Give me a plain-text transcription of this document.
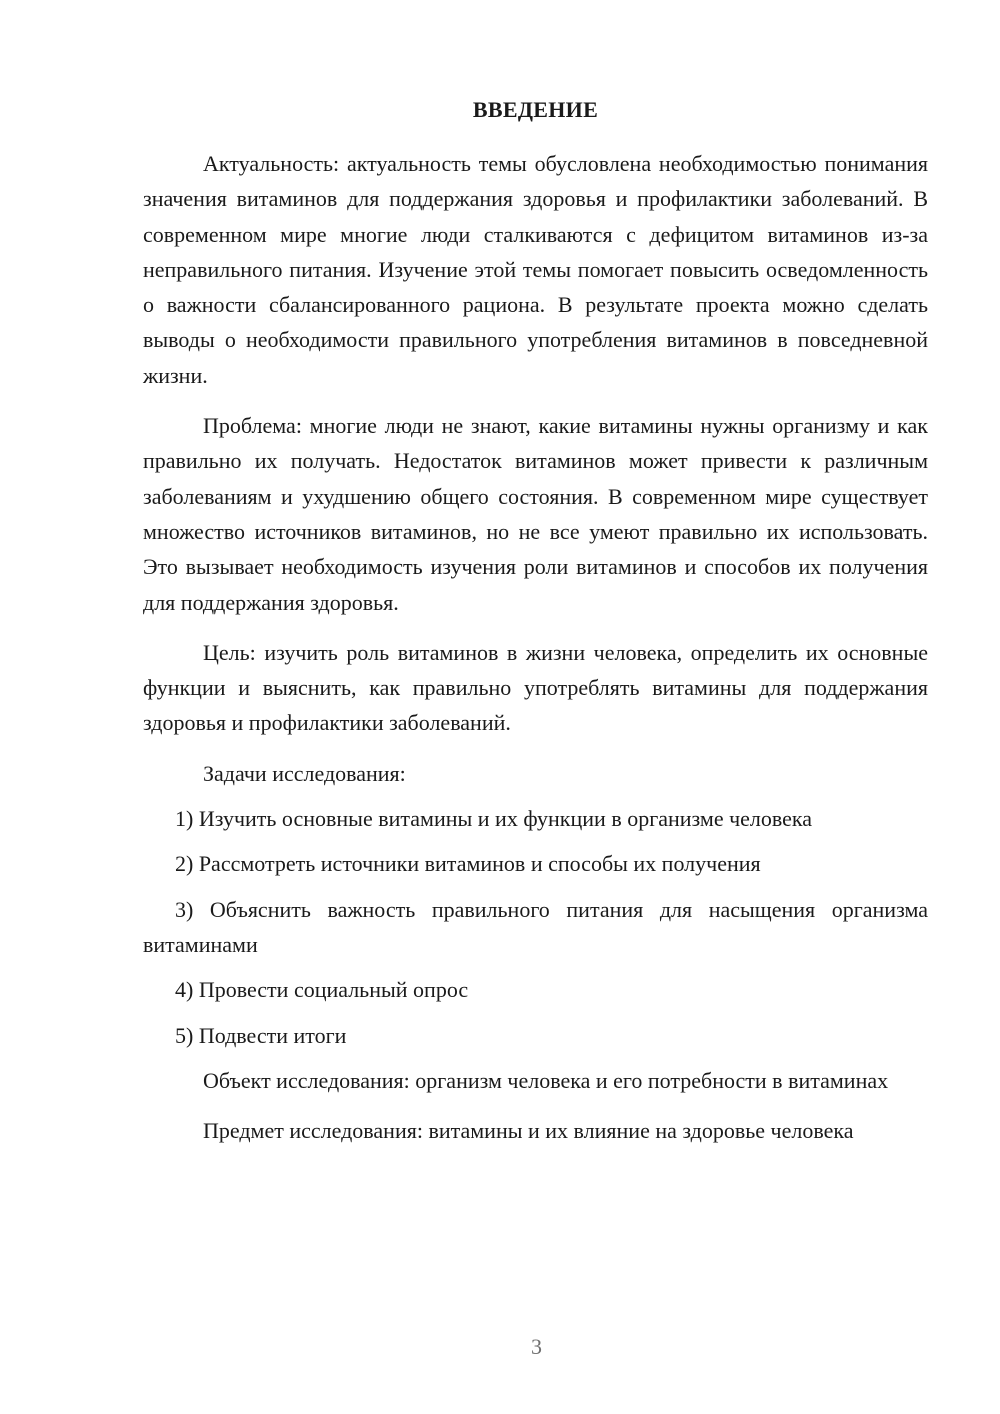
ВВЕДЕНИЕ

Актуальность: актуальность темы обусловлена необходимостью понимания значения витаминов для поддержания здоровья и профилактики заболеваний. В современном мире многие люди сталкиваются с дефицитом витаминов из-за неправильного питания. Изучение этой темы помогает повысить осведомленность о важности сбалансированного рациона. В результате проекта можно сделать выводы о необходимости правильного употребления витаминов в повседневной жизни.

Проблема: многие люди не знают, какие витамины нужны организму и как правильно их получать. Недостаток витаминов может привести к различным заболеваниям и ухудшению общего состояния. В современном мире существует множество источников витаминов, но не все умеют правильно их использовать. Это вызывает необходимость изучения роли витаминов и способов их получения для поддержания здоровья.

Цель: изучить роль витаминов в жизни человека, определить их основные функции и выяснить, как правильно употреблять витамины для поддержания здоровья и профилактики заболеваний.

Задачи исследования:

1) Изучить основные витамины и их функции в организме человека

2) Рассмотреть источники витаминов и способы их получения

3) Объяснить важность правильного питания для насыщения организма витаминами

4) Провести социальный опрос

5) Подвести итоги

Объект исследования: организм человека и его потребности в витаминах

Предмет исследования: витамины и их влияние на здоровье человека

3
